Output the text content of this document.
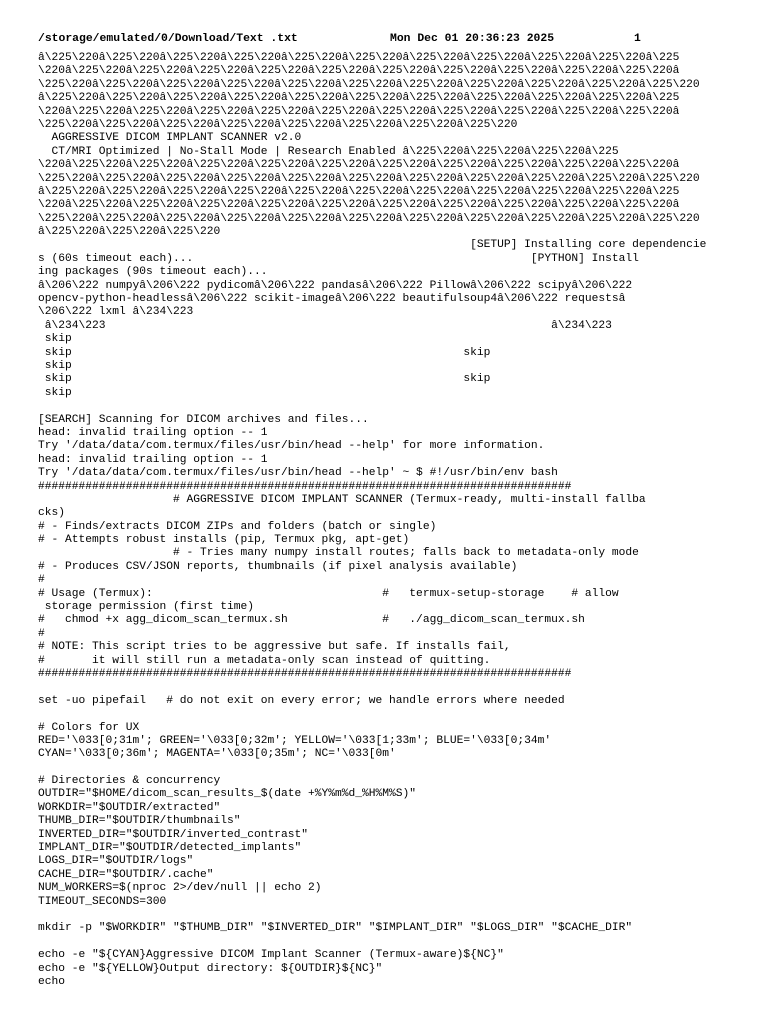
/storage/emulated/0/Download/Text .txt

	Mon Dec 01 20:36:23 2025

	1

â\225\220â\225\220â\225\220â\225\220â\225\220â\225\220â\225\220â\225\220â\225\220â\225\220â\225
\220â\225\220â\225\220â\225\220â\225\220â\225\220â\225\220â\225\220â\225\220â\225\220â\225\220â
\225\220â\225\220â\225\220â\225\220â\225\220â\225\220â\225\220â\225\220â\225\220â\225\220â\225\220
â\225\220â\225\220â\225\220â\225\220â\225\220â\225\220â\225\220â\225\220â\225\220â\225\220â\225
\220â\225\220â\225\220â\225\220â\225\220â\225\220â\225\220â\225\220â\225\220â\225\220â\225\220â
\225\220â\225\220â\225\220â\225\220â\225\220â\225\220â\225\220â\225\220
AGGRESSIVE DICOM IMPLANT SCANNER v2.0
CT/MRI Optimized | No-Stall Mode | Research Enabled â\225\220â\225\220â\225\220â\225
\220â\225\220â\225\220â\225\220â\225\220â\225\220â\225\220â\225\220â\225\220â\225\220â\225\220â
\225\220â\225\220â\225\220â\225\220â\225\220â\225\220â\225\220â\225\220â\225\220â\225\220â\225\220
â\225\220â\225\220â\225\220â\225\220â\225\220â\225\220â\225\220â\225\220â\225\220â\225\220â\225
\220â\225\220â\225\220â\225\220â\225\220â\225\220â\225\220â\225\220â\225\220â\225\220â\225\220â
\225\220â\225\220â\225\220â\225\220â\225\220â\225\220â\225\220â\225\220â\225\220â\225\220â\225\220
â\225\220â\225\220â\225\220
[SETUP] Installing core dependencie
s (60s timeout each)...                                                  [PYTHON] Install
ing packages (90s timeout each)...
â\206\222 numpyâ\206\222 pydicomâ\206\222 pandasâ\206\222 Pillowâ\206\222 scipyâ\206\222
opencv-python-headlessâ\206\222 scikit-imageâ\206\222 beautifulsoup4â\206\222 requestsâ
\206\222 lxml â\234\223
â\234\223                                                                  â\234\223
skip
skip                                                          skip
skip
skip                                                          skip
skip

[SEARCH] Scanning for DICOM archives and files...
head: invalid trailing option -- 1
Try '/data/data/com.termux/files/usr/bin/head --help' for more information.
head: invalid trailing option -- 1
Try '/data/data/com.termux/files/usr/bin/head --help' ~ $ #!/usr/bin/env bash
###############################################################################
# AGGRESSIVE DICOM IMPLANT SCANNER (Termux-ready, multi-install fallba
cks)
# - Finds/extracts DICOM ZIPs and folders (batch or single)
# - Attempts robust installs (pip, Termux pkg, apt-get)
# - Tries many numpy install routes; falls back to metadata-only mode
# - Produces CSV/JSON reports, thumbnails (if pixel analysis available)
#
# Usage (Termux):                                  #   termux-setup-storage    # allow
storage permission (first time)
#   chmod +x agg_dicom_scan_termux.sh              #   ./agg_dicom_scan_termux.sh
#
# NOTE: This script tries to be aggressive but safe. If installs fail,
#       it will still run a metadata-only scan instead of quitting.
###############################################################################

set -uo pipefail   # do not exit on every error; we handle errors where needed

# Colors for UX
RED='\033[0;31m'; GREEN='\033[0;32m'; YELLOW='\033[1;33m'; BLUE='\033[0;34m'
CYAN='\033[0;36m'; MAGENTA='\033[0;35m'; NC='\033[0m'

# Directories & concurrency
OUTDIR="$HOME/dicom_scan_results_$(date +%Y%m%d_%H%M%S)"
WORKDIR="$OUTDIR/extracted"
THUMB_DIR="$OUTDIR/thumbnails"
INVERTED_DIR="$OUTDIR/inverted_contrast"
IMPLANT_DIR="$OUTDIR/detected_implants"
LOGS_DIR="$OUTDIR/logs"
CACHE_DIR="$OUTDIR/.cache"
NUM_WORKERS=$(nproc 2>/dev/null || echo 2)
TIMEOUT_SECONDS=300

mkdir -p "$WORKDIR" "$THUMB_DIR" "$INVERTED_DIR" "$IMPLANT_DIR" "$LOGS_DIR" "$CACHE_DIR"

echo -e "${CYAN}Aggressive DICOM Implant Scanner (Termux-aware)${NC}"
echo -e "${YELLOW}Output directory: ${OUTDIR}${NC}"
echo
